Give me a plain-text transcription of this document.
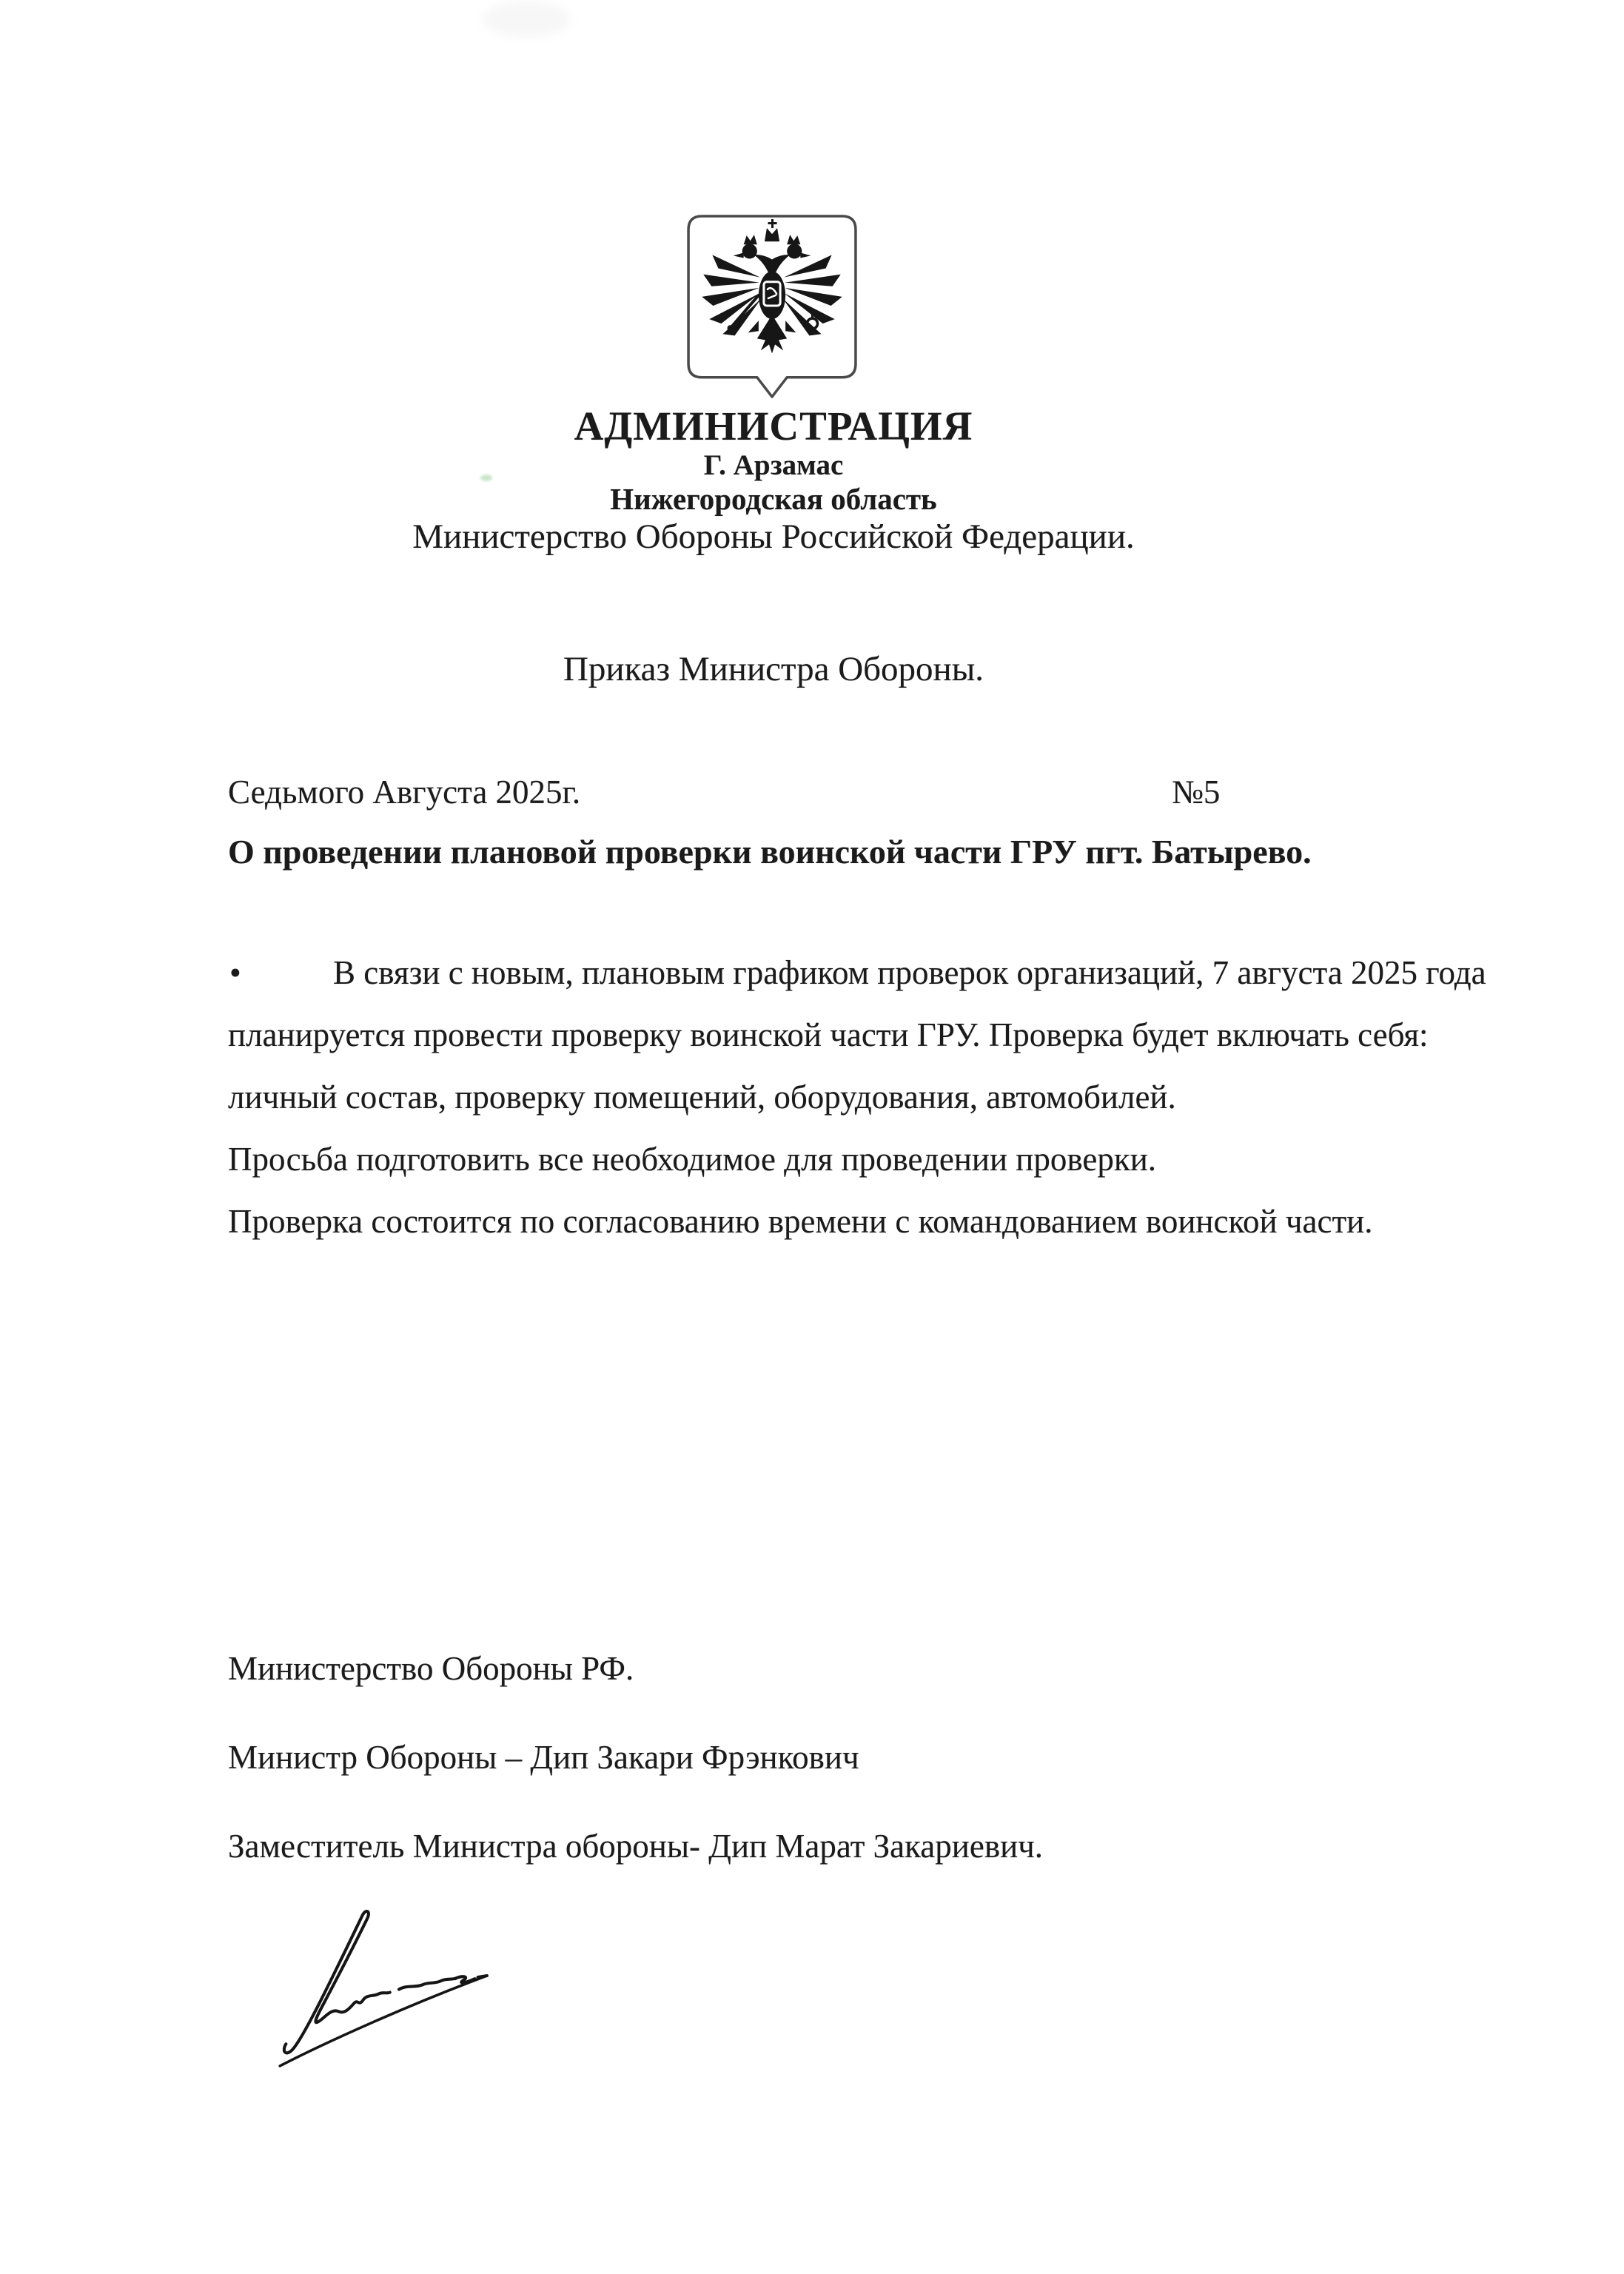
АДМИНИСТРАЦИЯ
Г. Арзамас
Нижегородская область
Министерство Обороны Российской Федерации.
Приказ Министра Обороны.
Седьмого Августа 2025г.	№5
О проведении плановой проверки воинской части ГРУ пгт. Батырево.

•	В связи с новым, плановым графиком проверок организаций, 7 августа 2025 года планируется провести проверку воинской части ГРУ. Проверка будет включать себя: личный состав, проверку помещений, оборудования, автомобилей.

Просьба подготовить все необходимое для проведении проверки.

Проверка состоится по согласованию времени с командованием воинской части.

Министерство Обороны РФ.

Министр Обороны – Дип Закари Фрэнкович

Заместитель Министра обороны- Дип Марат Закариевич.
